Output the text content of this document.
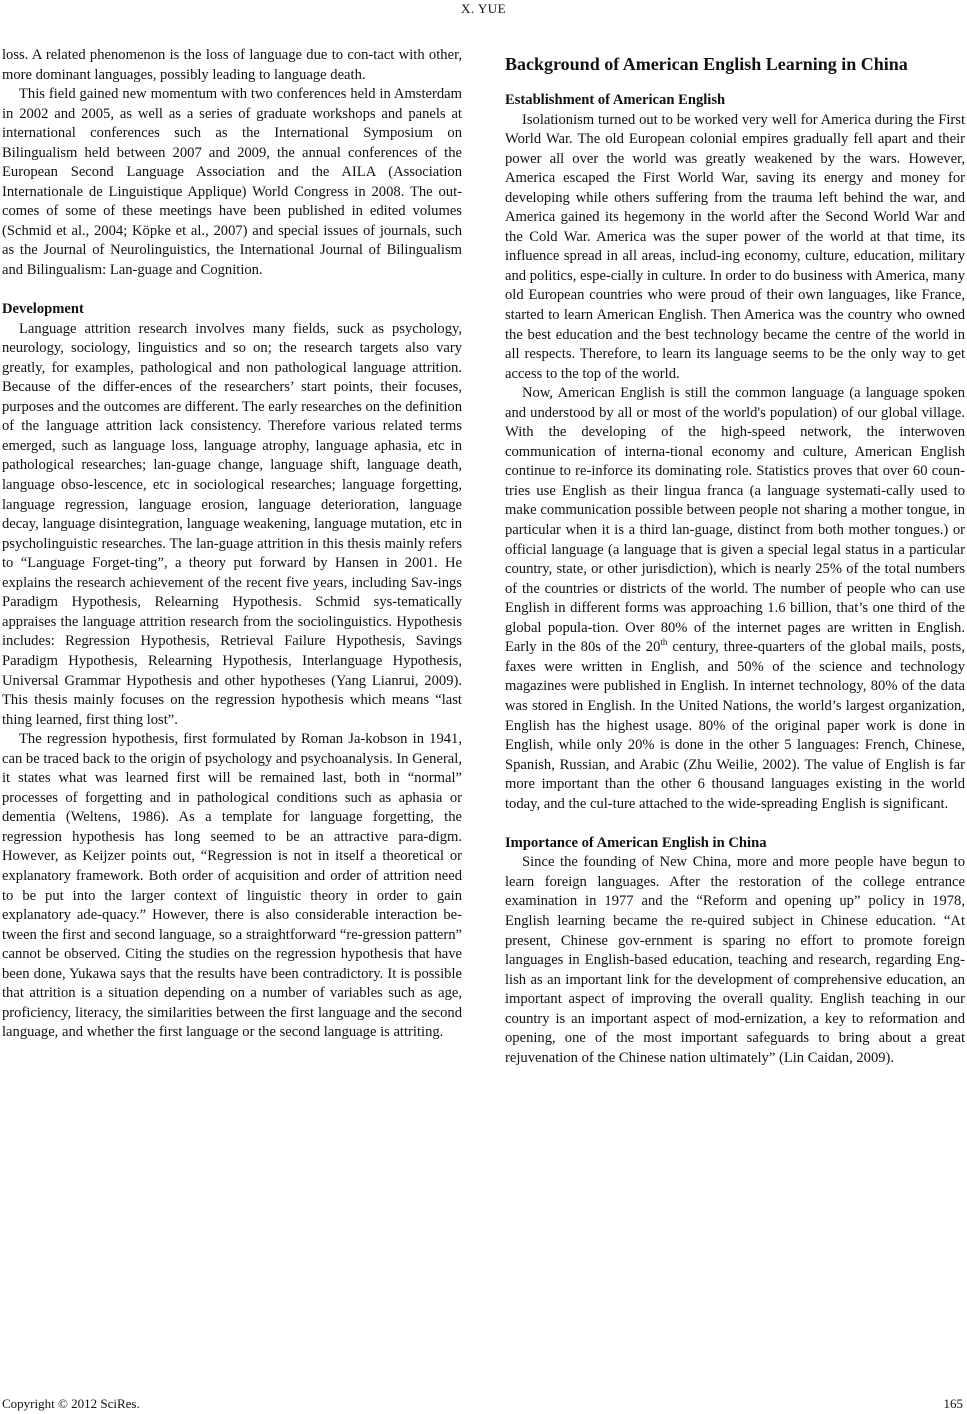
X. YUE

loss. A related phenomenon is the loss of language due to con-tact with other, more dominant languages, possibly leading to language death.

This field gained new momentum with two conferences held in Amsterdam in 2002 and 2005, as well as a series of graduate workshops and panels at international conferences such as the International Symposium on Bilingualism held between 2007 and 2009, the annual conferences of the European Second Language Association and the AILA (Association Internationale de Linguistique Applique) World Congress in 2008. The out-comes of some of these meetings have been published in edited volumes (Schmid et al., 2004; Köpke et al., 2007) and special issues of journals, such as the Journal of Neurolinguistics, the International Journal of Bilingualism and Bilingualism: Lan-guage and Cognition.

Development

Language attrition research involves many fields, suck as psychology, neurology, sociology, linguistics and so on; the research targets also vary greatly, for examples, pathological and non pathological language attrition. Because of the differ-ences of the researchers’ start points, their focuses, purposes and the outcomes are different. The early researches on the definition of the language attrition lack consistency. Therefore various related terms emerged, such as language loss, language atrophy, language aphasia, etc in pathological researches; lan-guage change, language shift, language death, language obso-lescence, etc in sociological researches; language forgetting, language regression, language erosion, language deterioration, language decay, language disintegration, language weakening, language mutation, etc in psycholinguistic researches. The lan-guage attrition in this thesis mainly refers to “Language Forget-ting”, a theory put forward by Hansen in 2001. He explains the research achievement of the recent five years, including Sav-ings Paradigm Hypothesis, Relearning Hypothesis. Schmid sys-tematically appraises the language attrition research from the sociolinguistics. Hypothesis includes: Regression Hypothesis, Retrieval Failure Hypothesis, Savings Paradigm Hypothesis, Relearning Hypothesis, Interlanguage Hypothesis, Universal Grammar Hypothesis and other hypotheses (Yang Lianrui, 2009). This thesis mainly focuses on the regression hypothesis which means “last thing learned, first thing lost”.

The regression hypothesis, first formulated by Roman Ja-kobson in 1941, can be traced back to the origin of psychology and psychoanalysis. In General, it states what was learned first will be remained last, both in “normal” processes of forgetting and in pathological conditions such as aphasia or dementia (Weltens, 1986). As a template for language forgetting, the regression hypothesis has long seemed to be an attractive para-digm. However, as Keijzer points out, “Regression is not in itself a theoretical or explanatory framework. Both order of acquisition and order of attrition need to be put into the larger context of linguistic theory in order to gain explanatory ade-quacy.” However, there is also considerable interaction be-tween the first and second language, so a straightforward “re-gression pattern” cannot be observed. Citing the studies on the regression hypothesis that have been done, Yukawa says that the results have been contradictory. It is possible that attrition is a situation depending on a number of variables such as age, proficiency, literacy, the similarities between the first language and the second language, and whether the first language or the second language is attriting.

Background of American English Learning in China
Establishment of American English

Isolationism turned out to be worked very well for America during the First World War. The old European colonial empires gradually fell apart and their power all over the world was greatly weakened by the wars. However, America escaped the First World War, saving its energy and money for developing while others suffering from the trauma left behind the war, and America gained its hegemony in the world after the Second World War and the Cold War. America was the super power of the world at that time, its influence spread in all areas, includ-ing economy, culture, education, military and politics, espe-cially in culture. In order to do business with America, many old European countries who were proud of their own languages, like France, started to learn American English. Then America was the country who owned the best education and the best technology became the centre of the world in all respects. Therefore, to learn its language seems to be the only way to get access to the top of the world.

Now, American English is still the common language (a language spoken and understood by all or most of the world's population) of our global village. With the developing of the high-speed network, the interwoven communication of interna-tional economy and culture, American English continue to re-inforce its dominating role. Statistics proves that over 60 coun-tries use English as their lingua franca (a language systemati-cally used to make communication possible between people not sharing a mother tongue, in particular when it is a third lan-guage, distinct from both mother tongues.) or official language (a language that is given a special legal status in a particular country, state, or other jurisdiction), which is nearly 25% of the total numbers of the countries or districts of the world. The number of people who can use English in different forms was approaching 1.6 billion, that’s one third of the global popula-tion. Over 80% of the internet pages are written in English. Early in the 80s of the 20th century, three-quarters of the global mails, posts, faxes were written in English, and 50% of the science and technology magazines were published in English. In internet technology, 80% of the data was stored in English. In the United Nations, the world’s largest organization, English has the highest usage. 80% of the original paper work is done in English, while only 20% is done in the other 5 languages: French, Chinese, Spanish, Russian, and Arabic (Zhu Weilie, 2002). The value of English is far more important than the other 6 thousand languages existing in the world today, and the cul-ture attached to the wide-spreading English is significant.

Importance of American English in China

Since the founding of New China, more and more people have begun to learn foreign languages. After the restoration of the college entrance examination in 1977 and the “Reform and opening up” policy in 1978, English learning became the re-quired subject in Chinese education. “At present, Chinese gov-ernment is sparing no effort to promote foreign languages in English-based education, teaching and research, regarding Eng-lish as an important link for the development of comprehensive education, an important aspect of improving the overall quality. English teaching in our country is an important aspect of mod-ernization, a key to reformation and opening, one of the most important safeguards to bring about a great rejuvenation of the Chinese nation ultimately” (Lin Caidan, 2009).

Copyright © 2012 SciRes.	165
